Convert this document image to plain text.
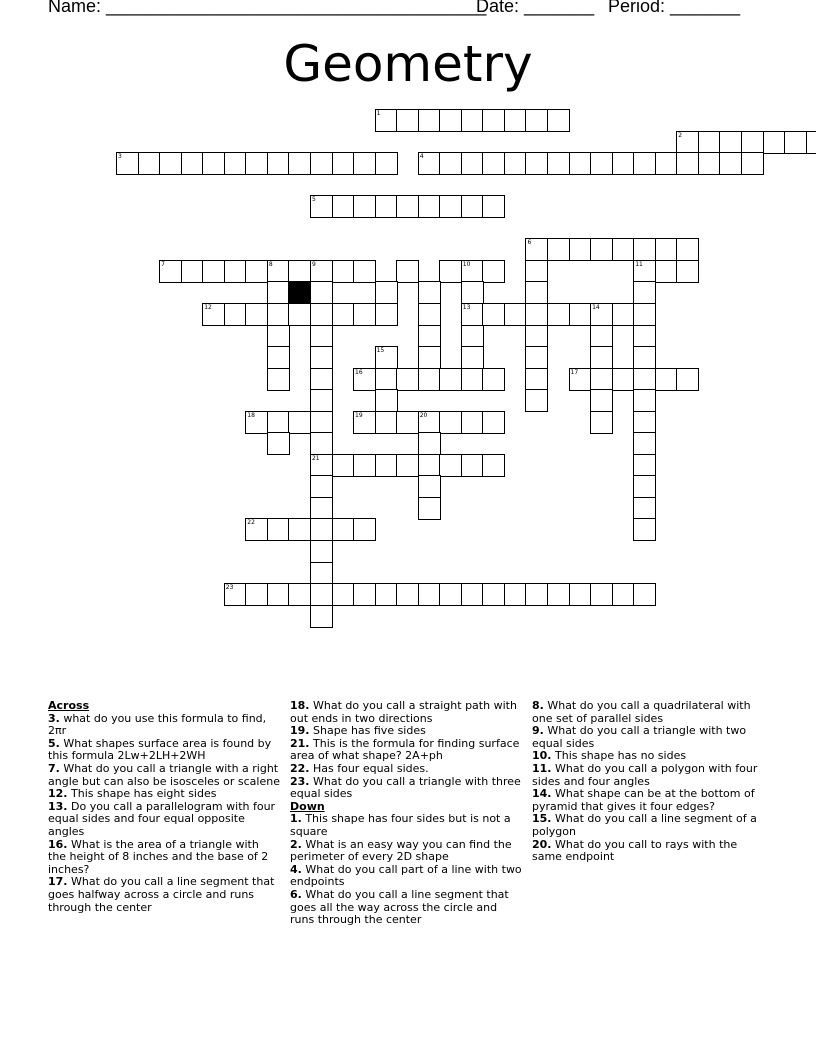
Name: ______________________________________
Date: _______ Period: _______
Geometry
1
2
3	4
5
6
7	8	9	10	11
12	13	14
15
16	17
18	19	20
21
22
23

Across

3. what do you use this formula to find, 2πr

5. What shapes surface area is found by this formula 2Lw+2LH+2WH

7. What do you call a triangle with a right angle but can also be isosceles or scalene

12. This shape has eight sides

13. Do you call a parallelogram with four equal sides and four equal opposite angles

16. What is the area of a triangle with the height of 8 inches and the base of 2 inches?

17. What do you call a line segment that goes halfway across a circle and runs through the center

18. What do you call a straight path with out ends in two directions

19. Shape has five sides

21. This is the formula for finding surface area of what shape? 2A+ph

22. Has four equal sides.

23. What do you call a triangle with three equal sides

Down

1. This shape has four sides but is not a square

2. What is an easy way you can find the perimeter of every 2D shape

4. What do you call part of a line with two endpoints

6. What do you call a line segment that goes all the way across the circle and runs through the center

8. What do you call a quadrilateral with one set of parallel sides

9. What do you call a triangle with two equal sides

10. This shape has no sides

11. What do you call a polygon with four sides and four angles

14. What shape can be at the bottom of pyramid that gives it four edges?

15. What do you call a line segment of a polygon

20. What do you call to rays with the same endpoint
